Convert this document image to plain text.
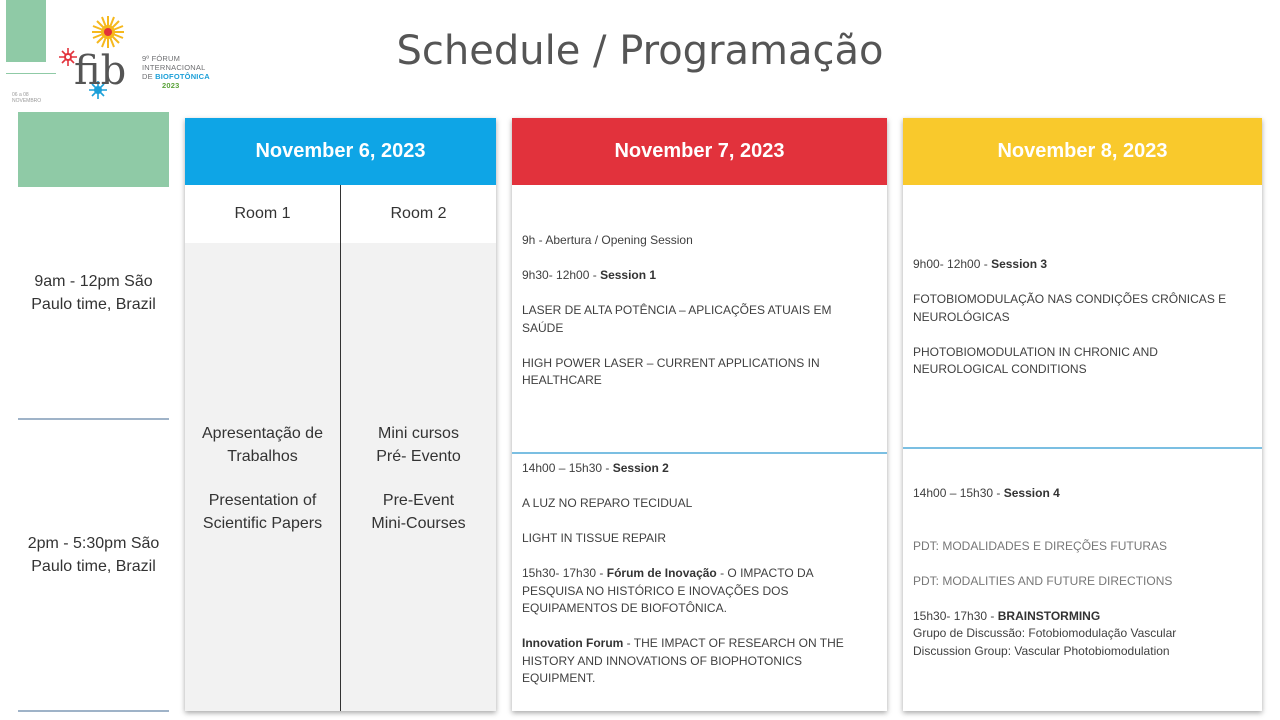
fib 9º FÓRUM
INTERNACIONAL
DE BIOFOTÔNICA
2023
06 a 08
NOVEMBRO
Schedule / Programação
9am - 12pm São Paulo time, Brazil
2pm - 5:30pm São Paulo time, Brazil
November 6, 2023
Room 1	Room 2
Apresentação de
Trabalhos
Presentation of
Scientific Papers
Mini cursos
Pré- Evento
Pre-Event
Mini-Courses
November 7, 2023

9h - Abertura / Opening Session

9h30- 12h00 - Session 1

LASER DE ALTA POTÊNCIA – APLICAÇÕES ATUAIS EM SAÚDE

HIGH POWER LASER – CURRENT APPLICATIONS IN HEALTHCARE

14h00 – 15h30 - Session 2

A LUZ NO REPARO TECIDUAL

LIGHT IN TISSUE REPAIR

15h30- 17h30 - Fórum de Inovação - O IMPACTO DA PESQUISA NO HISTÓRICO E INOVAÇÕES DOS EQUIPAMENTOS DE BIOFOTÔNICA.

Innovation Forum - THE IMPACT OF RESEARCH ON THE HISTORY AND INNOVATIONS OF BIOPHOTONICS EQUIPMENT.

November 8, 2023

9h00- 12h00 - Session 3

FOTOBIOMODULAÇÃO NAS CONDIÇÕES CRÔNICAS E NEUROLÓGICAS

PHOTOBIOMODULATION IN CHRONIC AND NEUROLOGICAL CONDITIONS

14h00 – 15h30 - Session 4

PDT: MODALIDADES E DIREÇÕES FUTURAS

PDT: MODALITIES AND FUTURE DIRECTIONS

15h30- 17h30 - BRAINSTORMING
Grupo de Discussão: Fotobiomodulação Vascular
Discussion Group: Vascular Photobiomodulation
